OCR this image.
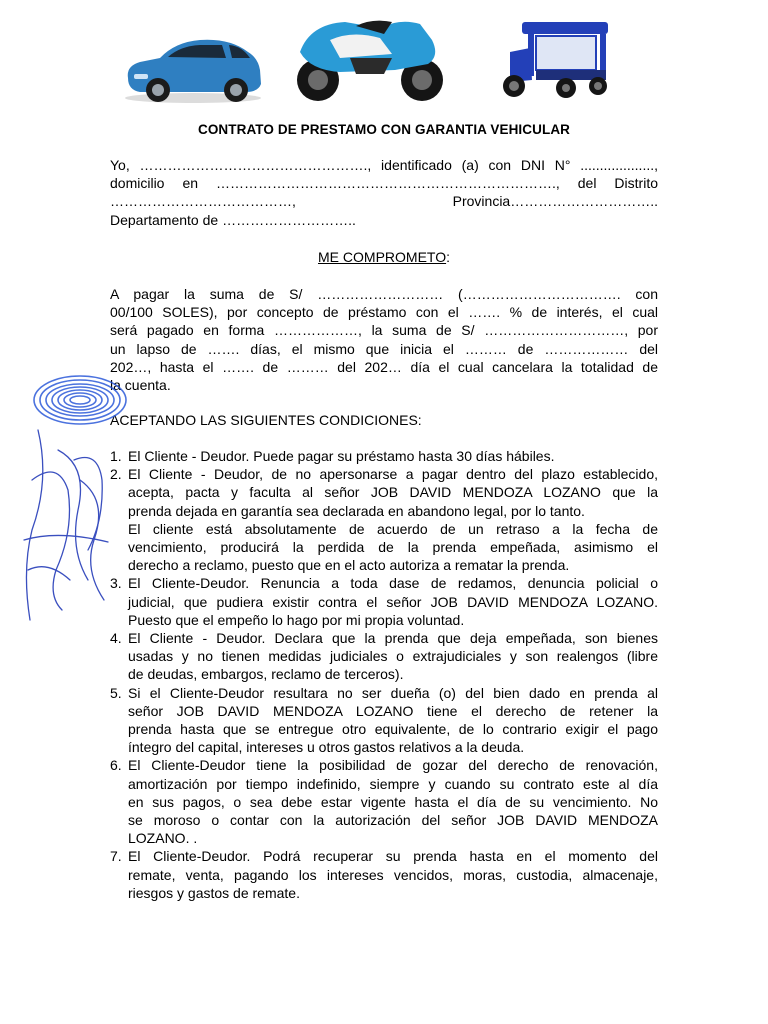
CONTRATO DE PRESTAMO CON GARANTIA VEHICULAR
Yo, …………………………………………., identificado (a) con DNI N° ...................,
domicilio en ………………………………………………………………., del Distrito
…………………………………, Provincia…………………………..
Departamento de ………………………..
ME COMPROMETO:
A pagar la suma de S/ ……………………… (……………………………. con
00/100 SOLES), por concepto de préstamo con el ……. % de interés, el cual
será pagado en forma ………………, la suma de S/ …………………………, por
un lapso de ……. días, el mismo que inicia el ……… de ……………… del
202…, hasta el ……. de ……… del 202… día el cual cancelara la totalidad de
la cuenta.
ACEPTANDO LAS SIGUIENTES CONDICIONES:
1. El Cliente - Deudor. Puede pagar su préstamo hasta 30 días hábiles.
2. El Cliente - Deudor, de no apersonarse a pagar dentro del plazo establecido,
acepta, pacta y faculta al señor JOB DAVID MENDOZA LOZANO que la
prenda dejada en garantía sea declarada en abandono legal, por lo tanto.
El cliente está absolutamente de acuerdo de un retraso a la fecha de
vencimiento, producirá la perdida de la prenda empeñada, asimismo el
derecho a reclamo, puesto que en el acto autoriza a rematar la prenda.
3. El Cliente-Deudor. Renuncia a toda dase de redamos, denuncia policial o
judicial, que pudiera existir contra el señor JOB DAVID MENDOZA LOZANO.
Puesto que el empeño lo hago por mi propia voluntad.
4. El Cliente - Deudor. Declara que la prenda que deja empeñada, son bienes
usadas y no tienen medidas judiciales o extrajudiciales y son realengos (libre
de deudas, embargos, reclamo de terceros).
5. Si el Cliente-Deudor resultara no ser dueña (o) del bien dado en prenda al
señor JOB DAVID MENDOZA LOZANO tiene el derecho de retener la
prenda hasta que se entregue otro equivalente, de lo contrario exigir el pago
íntegro del capital, intereses u otros gastos relativos a la deuda.
6. El Cliente-Deudor tiene la posibilidad de gozar del derecho de renovación,
amortización por tiempo indefinido, siempre y cuando su contrato este al día
en sus pagos, o sea debe estar vigente hasta el día de su vencimiento. No
se moroso o contar con la autorización del señor JOB DAVID MENDOZA
LOZANO. .
7. El Cliente-Deudor. Podrá recuperar su prenda hasta en el momento del
remate, venta, pagando los intereses vencidos, moras, custodia, almacenaje,
riesgos y gastos de remate.
